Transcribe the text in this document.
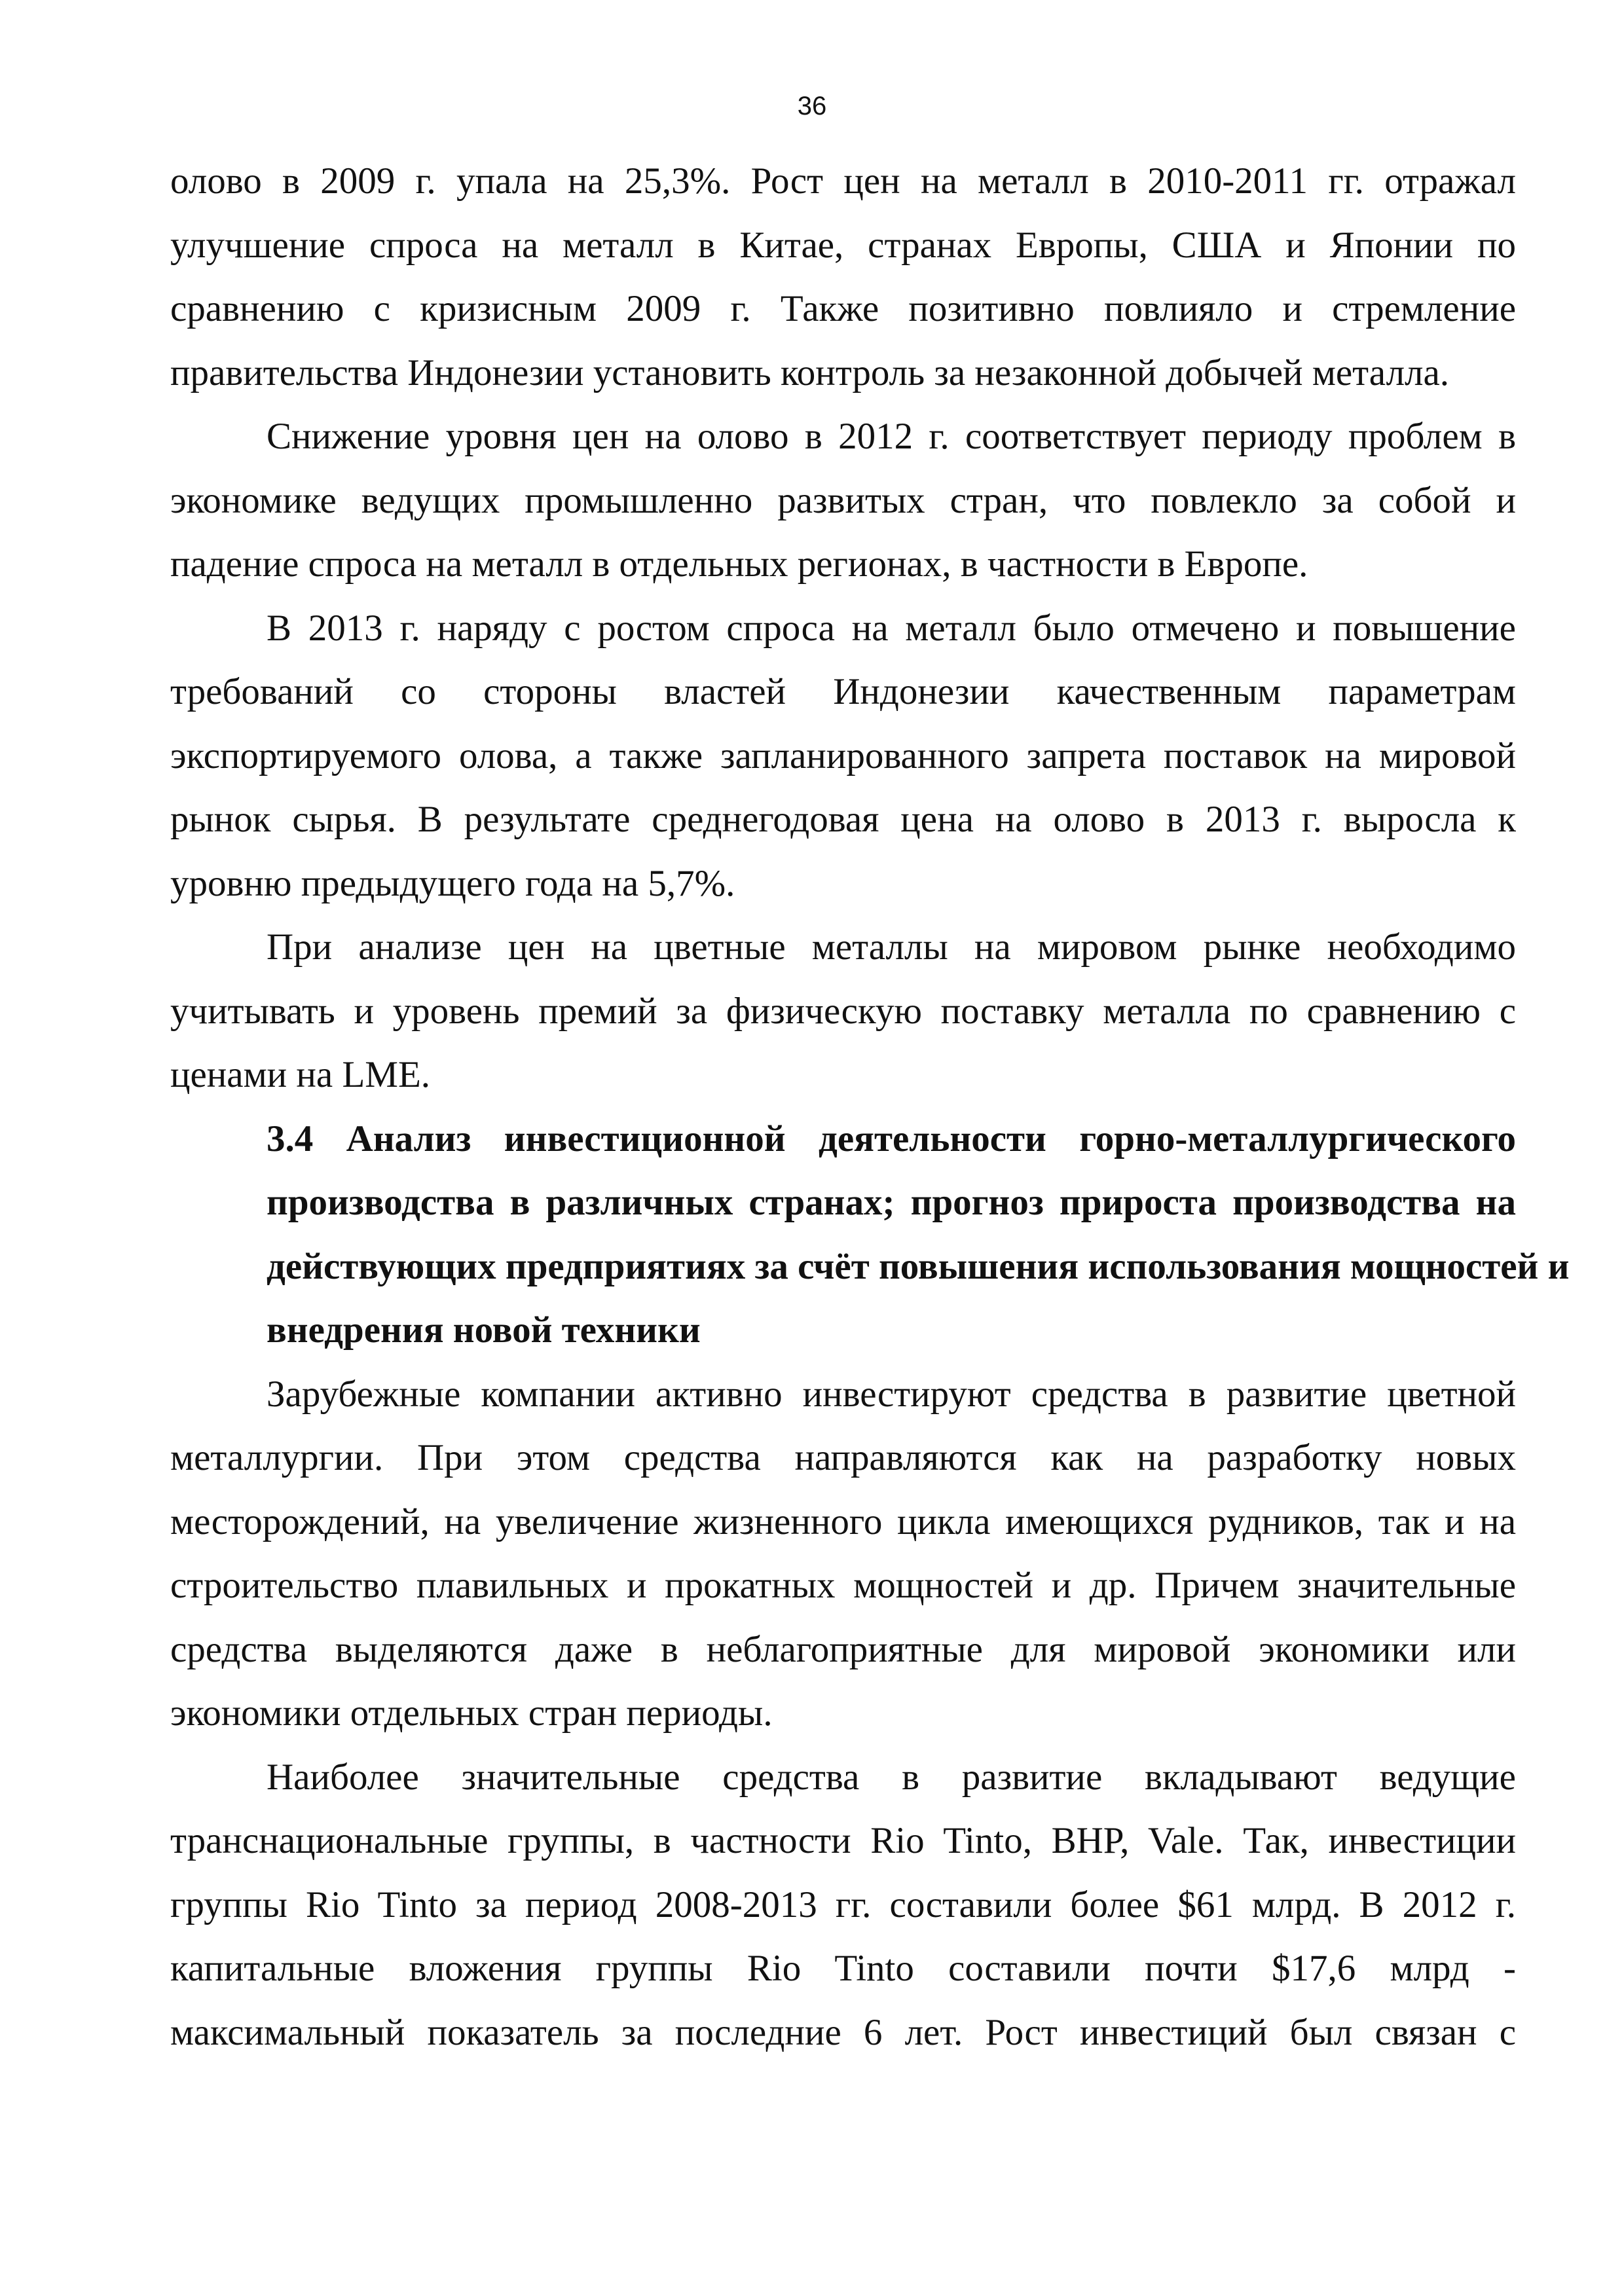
36

олово в 2009 г. упала на 25,3%. Рост цен на металл в 2010-2011 гг. отражал
улучшение спроса на металл в Китае, странах Европы, США и Японии по
сравнению с кризисным 2009 г. Также позитивно повлияло и стремление
правительства Индонезии установить контроль за незаконной добычей металла.

Снижение уровня цен на олово в 2012 г. соответствует периоду проблем в
экономике ведущих промышленно развитых стран, что повлекло за собой и
падение спроса на металл в отдельных регионах, в частности в Европе.

В 2013 г. наряду с ростом спроса на металл было отмечено и повышение
требований со стороны властей Индонезии качественным параметрам
экспортируемого олова, а также запланированного запрета поставок на мировой
рынок сырья. В результате среднегодовая цена на олово в 2013 г. выросла к
уровню предыдущего года на 5,7%.

При анализе цен на цветные металлы на мировом рынке необходимо
учитывать и уровень премий за физическую поставку металла по сравнению с
ценами на LME.

3.4 Анализ инвестиционной деятельности горно-металлургического
производства в различных странах; прогноз прироста производства на
действующих предприятиях за счёт повышения использования мощностей и
внедрения новой техники

Зарубежные компании активно инвестируют средства в развитие цветной
металлургии. При этом средства направляются как на разработку новых
месторождений, на увеличение жизненного цикла имеющихся рудников, так и на
строительство плавильных и прокатных мощностей и др. Причем значительные
средства выделяются даже в неблагоприятные для мировой экономики или
экономики отдельных стран периоды.

Наиболее значительные средства в развитие вкладывают ведущие
транснациональные группы, в частности Rio Tinto, BHP, Vale. Так, инвестиции
группы Rio Tinto за период 2008-2013 гг. составили более $61 млрд. В 2012 г.
капитальные вложения группы Rio Tinto составили почти $17,6 млрд -
максимальный показатель за последние 6 лет. Рост инвестиций был связан с
